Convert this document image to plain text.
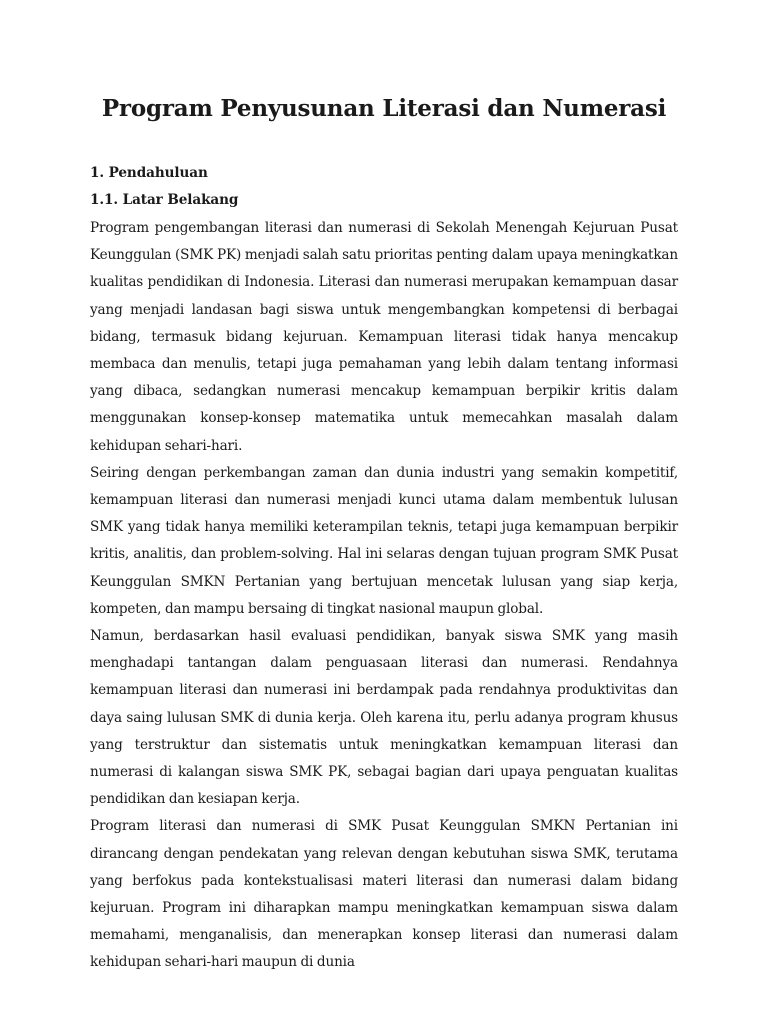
Program Penyusunan Literasi dan Numerasi

1. Pendahuluan

1.1. Latar Belakang

Program pengembangan literasi dan numerasi di Sekolah Menengah Kejuruan Pusat Keunggulan (SMK PK) menjadi salah satu prioritas penting dalam upaya meningkatkan kualitas pendidikan di Indonesia. Literasi dan numerasi merupakan kemampuan dasar yang menjadi landasan bagi siswa untuk mengembangkan kompetensi di berbagai bidang, termasuk bidang kejuruan. Kemampuan literasi tidak hanya mencakup membaca dan menulis, tetapi juga pemahaman yang lebih dalam tentang informasi yang dibaca, sedangkan numerasi mencakup kemampuan berpikir kritis dalam menggunakan konsep-konsep matematika untuk memecahkan masalah dalam kehidupan sehari-hari.

Seiring dengan perkembangan zaman dan dunia industri yang semakin kompetitif, kemampuan literasi dan numerasi menjadi kunci utama dalam membentuk lulusan SMK yang tidak hanya memiliki keterampilan teknis, tetapi juga kemampuan berpikir kritis, analitis, dan problem-solving. Hal ini selaras dengan tujuan program SMK Pusat Keunggulan SMKN Pertanian yang bertujuan mencetak lulusan yang siap kerja, kompeten, dan mampu bersaing di tingkat nasional maupun global.

Namun, berdasarkan hasil evaluasi pendidikan, banyak siswa SMK yang masih menghadapi tantangan dalam penguasaan literasi dan numerasi. Rendahnya kemampuan literasi dan numerasi ini berdampak pada rendahnya produktivitas dan daya saing lulusan SMK di dunia kerja. Oleh karena itu, perlu adanya program khusus yang terstruktur dan sistematis untuk meningkatkan kemampuan literasi dan numerasi di kalangan siswa SMK PK, sebagai bagian dari upaya penguatan kualitas pendidikan dan kesiapan kerja.

Program literasi dan numerasi di SMK Pusat Keunggulan SMKN Pertanian ini dirancang dengan pendekatan yang relevan dengan kebutuhan siswa SMK, terutama yang berfokus pada kontekstualisasi materi literasi dan numerasi dalam bidang kejuruan. Program ini diharapkan mampu meningkatkan kemampuan siswa dalam memahami, menganalisis, dan menerapkan konsep literasi dan numerasi dalam kehidupan sehari-hari maupun di dunia
